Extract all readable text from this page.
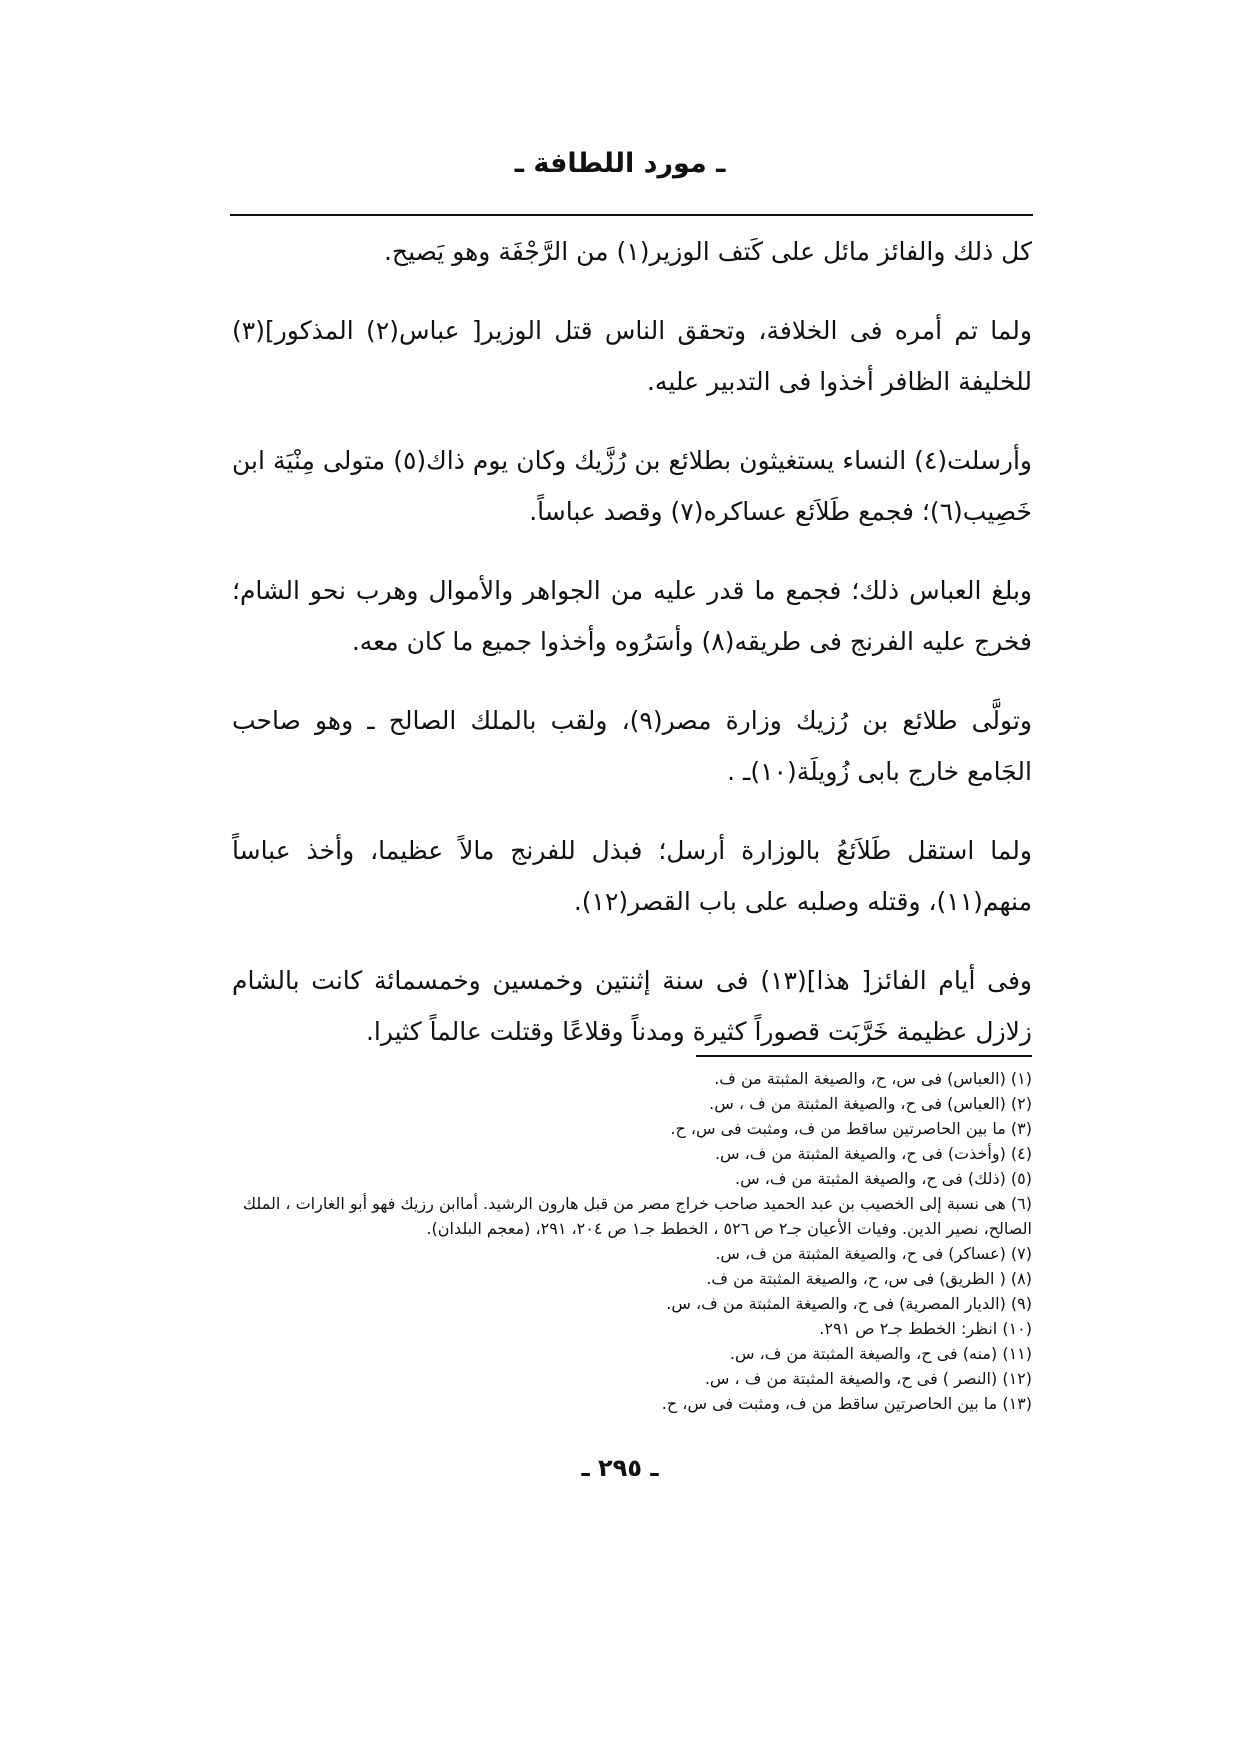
ـ مورد اللطافة ـ

كل ذلك والفائز مائل على كَتف الوزير(١) من الرَّجْفَة وهو يَصيح.

ولما تم أمره فى الخلافة، وتحقق الناس قتل الوزير[ عباس(٢) المذكور](٣) للخليفة الظافر أخذوا فى التدبير عليه.

وأرسلت(٤) النساء يستغيثون بطلائع بن رُزَّيك وكان يوم ذاك(٥) متولى مِنْيَة ابن خَصِيب(٦)؛ فجمع طَلاَئع عساكره(٧) وقصد عباساً.

وبلغ العباس ذلك؛ فجمع ما قدر عليه من الجواهر والأموال وهرب نحو الشام؛ فخرج عليه الفرنج فى طريقه(٨) وأسَرُوه وأخذوا جميع ما كان معه.

وتولَّى طلائع بن رُزيك وزارة مصر(٩)، ولقب بالملك الصالح ـ وهو صاحب الجَامع خارج بابى زُويلَة(١٠)ـ .

ولما استقل طَلاَئعُ بالوزارة أرسل؛ فبذل للفرنج مالاً عظيما، وأخذ عباساً منهم(١١)، وقتله وصلبه على باب القصر(١٢).

وفى أيام الفائز[ هذا](١٣) فى سنة إثنتين وخمسين وخمسمائة كانت بالشام زلازل عظيمة خَرَّبَت قصوراً كثيرة ومدناً وقلاعًا وقتلت عالماً كثيرا.

(١) (العباس) فى س، ح، والصيغة المثبتة من ف.
(٢) (العباس) فى ح، والصيغة المثبتة من ف ، س.
(٣) ما بين الحاصرتين ساقط من ف، ومثبت فى س، ح.
(٤) (وأخذت) فى ح، والصيغة المثبتة من ف، س.
(٥) (ذلك) فى ح، والصيغة المثبتة من ف، س.
(٦) هى نسبة إلى الخصيب بن عبد الحميد صاحب خراج مصر من قبل هارون الرشيد. أماابن رزيك فهو أبو الغارات ، الملك الصالح، نصير الدين. وفيات الأعيان جـ٢ ص ٥٢٦ ، الخطط جـ١ ص ٢٠٤، ٢٩١، (معجم البلدان).
(٧) (عساكر) فى ح، والصيغة المثبتة من ف، س.
(٨) ( الطريق) فى س، ح، والصيغة المثبتة من ف.
(٩) (الديار المصرية) فى ح، والصيغة المثبتة من ف، س.
(١٠) انظر: الخطط جـ٢ ص ٢٩١.
(١١) (منه) فى ح، والصيغة المثبتة من ف، س.
(١٢) (النصر ) فى ح، والصيغة المثبتة من ف ، س.
(١٣) ما بين الحاصرتين ساقط من ف، ومثبت فى س، ح.
ـ ٢٩٥ ـ
